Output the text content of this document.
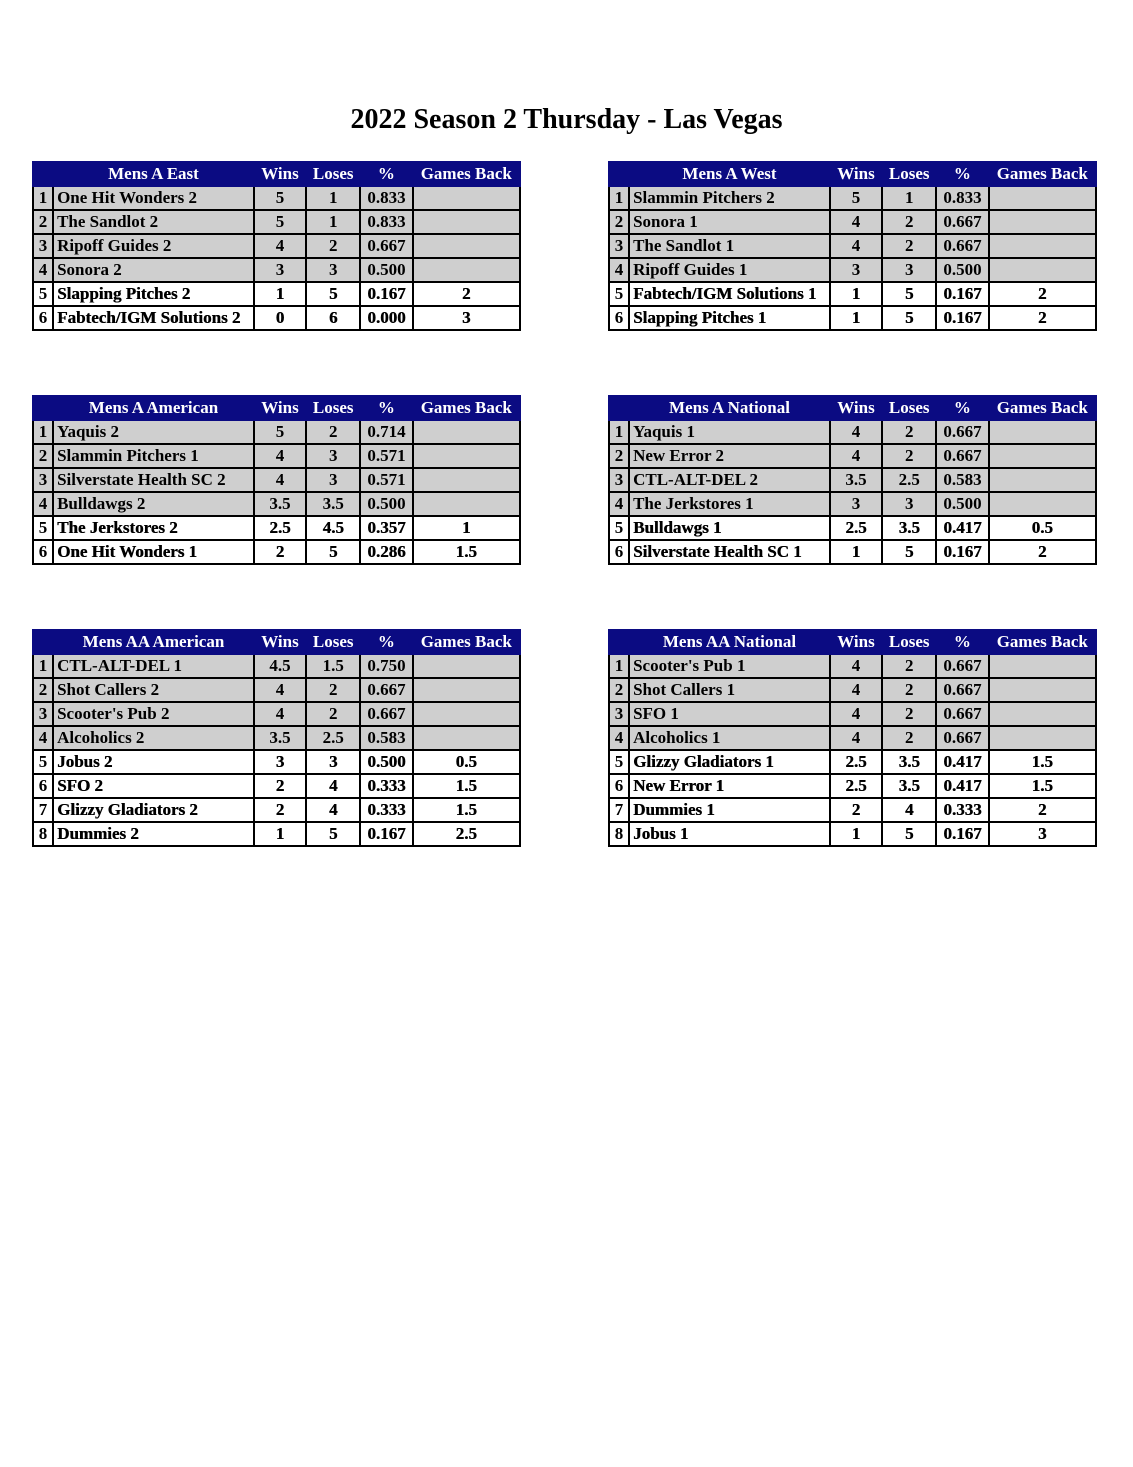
2022 Season 2 Thursday - Las Vegas
	Mens A East	Wins	Loses	%	Games Back
1	One Hit Wonders 2	5	1	0.833	
2	The Sandlot 2	5	1	0.833	
3	Ripoff Guides 2	4	2	0.667	
4	Sonora 2	3	3	0.500	
5	Slapping Pitches 2	1	5	0.167	2
6	Fabtech/IGM Solutions 2	0	6	0.000	3
	Mens A West	Wins	Loses	%	Games Back
1	Slammin Pitchers 2	5	1	0.833	
2	Sonora 1	4	2	0.667	
3	The Sandlot 1	4	2	0.667	
4	Ripoff Guides 1	3	3	0.500	
5	Fabtech/IGM Solutions 1	1	5	0.167	2
6	Slapping Pitches 1	1	5	0.167	2
	Mens A American	Wins	Loses	%	Games Back
1	Yaquis 2	5	2	0.714	
2	Slammin Pitchers 1	4	3	0.571	
3	Silverstate Health SC 2	4	3	0.571	
4	Bulldawgs 2	3.5	3.5	0.500	
5	The Jerkstores 2	2.5	4.5	0.357	1
6	One Hit Wonders 1	2	5	0.286	1.5
	Mens A National	Wins	Loses	%	Games Back
1	Yaquis 1	4	2	0.667	
2	New Error 2	4	2	0.667	
3	CTL-ALT-DEL 2	3.5	2.5	0.583	
4	The Jerkstores 1	3	3	0.500	
5	Bulldawgs 1	2.5	3.5	0.417	0.5
6	Silverstate Health SC 1	1	5	0.167	2
	Mens AA American	Wins	Loses	%	Games Back
1	CTL-ALT-DEL 1	4.5	1.5	0.750	
2	Shot Callers 2	4	2	0.667	
3	Scooter's Pub 2	4	2	0.667	
4	Alcoholics 2	3.5	2.5	0.583	
5	Jobus 2	3	3	0.500	0.5
6	SFO 2	2	4	0.333	1.5
7	Glizzy Gladiators 2	2	4	0.333	1.5
8	Dummies 2	1	5	0.167	2.5
	Mens AA National	Wins	Loses	%	Games Back
1	Scooter's Pub 1	4	2	0.667	
2	Shot Callers 1	4	2	0.667	
3	SFO 1	4	2	0.667	
4	Alcoholics 1	4	2	0.667	
5	Glizzy Gladiators 1	2.5	3.5	0.417	1.5
6	New Error 1	2.5	3.5	0.417	1.5
7	Dummies 1	2	4	0.333	2
8	Jobus 1	1	5	0.167	3
